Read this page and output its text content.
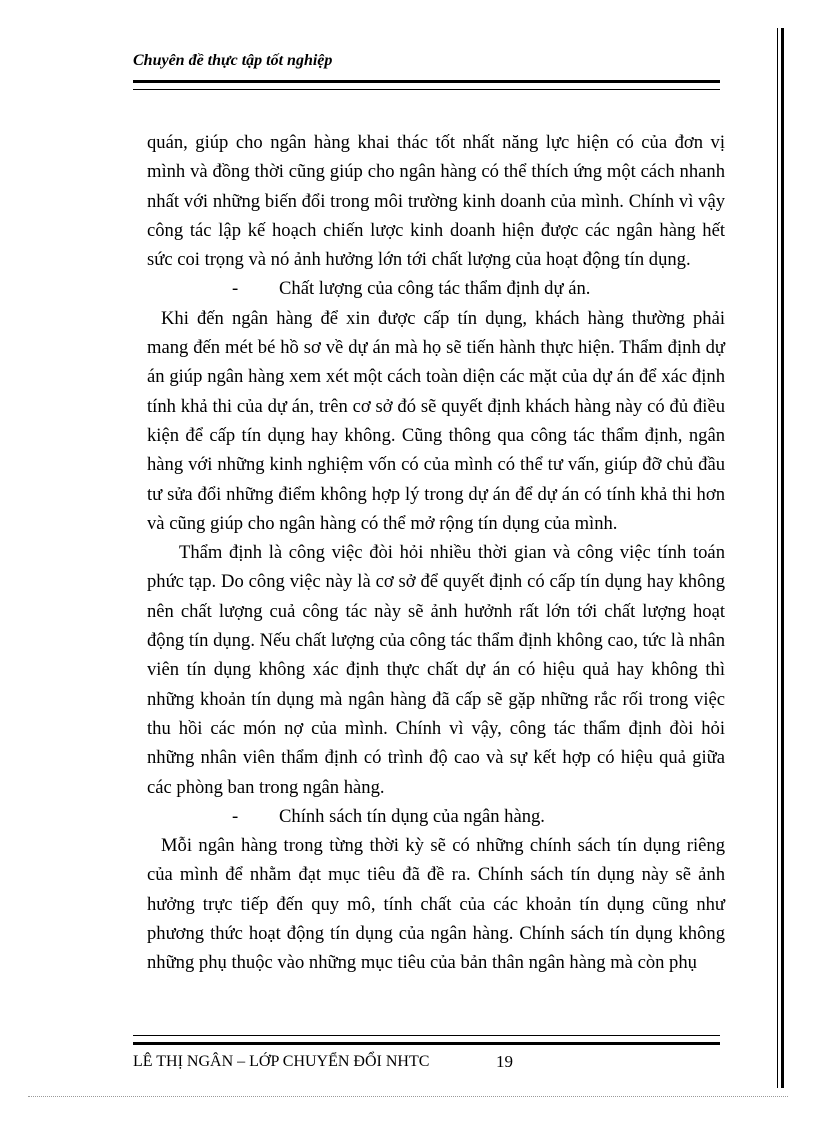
Chuyên đề thực tập tốt nghiệp

quán, giúp cho ngân hàng khai thác tốt nhất năng lực hiện có của đơn vị mình và đồng thời cũng giúp cho ngân hàng có thể thích ứng một cách nhanh nhất với những biến đổi trong môi trường kinh doanh của mình. Chính vì vậy công tác lập kế hoạch chiến lược kinh doanh hiện được các ngân hàng hết sức coi trọng và nó ảnh hưởng lớn tới chất lượng của hoạt động tín dụng.

-	Chất lượng của công tác thẩm định dự án.

Khi đến ngân hàng để xin được cấp tín dụng, khách hàng thường phải mang đến mét bé hồ sơ về dự án mà họ sẽ tiến hành thực hiện. Thẩm định dự án giúp ngân hàng xem xét một cách toàn diện các mặt của dự án để xác định tính khả thi của dự án, trên cơ sở đó sẽ quyết định khách hàng này có đủ điều kiện để cấp tín dụng hay không. Cũng thông qua công tác thẩm định, ngân hàng với những kinh nghiệm vốn có của mình có thể tư vấn, giúp đỡ chủ đầu tư sửa đổi những điểm không hợp lý trong dự án để dự án có tính khả thi hơn và cũng giúp cho ngân hàng có thể mở rộng tín dụng của mình.

Thẩm định là công việc đòi hỏi nhiều thời gian và công việc tính toán phức tạp. Do công việc này là cơ sở để quyết định có cấp tín dụng hay không nên chất lượng cuả công tác này sẽ ảnh hưởnh rất lớn tới chất lượng hoạt động tín dụng. Nếu chất lượng của công tác thẩm định không cao, tức là nhân viên tín dụng không xác định thực chất dự án có hiệu quả hay không thì những khoản tín dụng mà ngân hàng đã cấp sẽ gặp những rắc rối trong việc thu hồi các món nợ của mình. Chính vì vậy, công tác thẩm định đòi hỏi những nhân viên thẩm định có trình độ cao và sự kết hợp có hiệu quả giữa các phòng ban trong ngân hàng.

-	Chính sách tín dụng của ngân hàng.

Mỗi ngân hàng trong từng thời kỳ sẽ có những chính sách tín dụng riêng của mình để nhằm đạt mục tiêu đã đề ra. Chính sách tín dụng này sẽ ảnh hưởng trực tiếp đến quy mô, tính chất của các khoản tín dụng cũng như phương thức hoạt động tín dụng của ngân hàng. Chính sách tín dụng không những phụ thuộc vào những mục tiêu của bản thân ngân hàng mà còn phụ

LÊ THỊ NGÂN – LỚP CHUYỂN ĐỔI NHTC	19
